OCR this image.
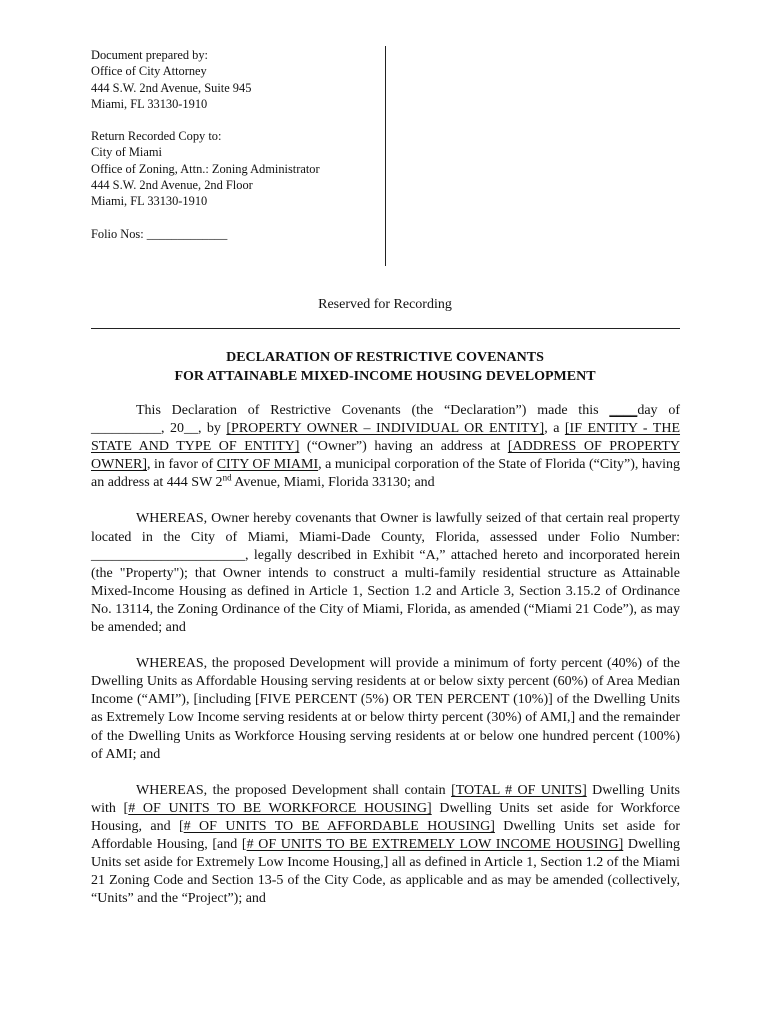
Document prepared by:
Office of City Attorney
444 S.W. 2nd Avenue, Suite 945
Miami, FL 33130-1910
Return Recorded Copy to:
City of Miami
Office of Zoning, Attn.: Zoning Administrator
444 S.W. 2nd Avenue, 2nd Floor
Miami, FL 33130-1910
Folio Nos: _____________
Reserved for Recording
DECLARATION OF RESTRICTIVE COVENANTS
FOR ATTAINABLE MIXED-INCOME HOUSING DEVELOPMENT
This Declaration of Restrictive Covenants (the “Declaration”) made this ____day of __________, 20__, by [PROPERTY OWNER – INDIVIDUAL OR ENTITY], a [IF ENTITY - THE STATE AND TYPE OF ENTITY] (“Owner”) having an address at [ADDRESS OF PROPERTY OWNER], in favor of CITY OF MIAMI, a municipal corporation of the State of Florida (“City”), having an address at 444 SW 2nd Avenue, Miami, Florida 33130; and
WHEREAS, Owner hereby covenants that Owner is lawfully seized of that certain real property located in the City of Miami, Miami-Dade County, Florida, assessed under Folio Number: ______________________, legally described in Exhibit “A,” attached hereto and incorporated herein (the "Property"); that Owner intends to construct a multi-family residential structure as Attainable Mixed-Income Housing as defined in Article 1, Section 1.2 and Article 3, Section 3.15.2 of Ordinance No. 13114, the Zoning Ordinance of the City of Miami, Florida, as amended (“Miami 21 Code”), as may be amended; and
WHEREAS, the proposed Development will provide a minimum of forty percent (40%) of the Dwelling Units as Affordable Housing serving residents at or below sixty percent (60%) of Area Median Income (“AMI”), [including [FIVE PERCENT (5%) OR TEN PERCENT (10%)] of the Dwelling Units as Extremely Low Income serving residents at or below thirty percent (30%) of AMI,] and the remainder of the Dwelling Units as Workforce Housing serving residents at or below one hundred percent (100%) of AMI; and
WHEREAS, the proposed Development shall contain [TOTAL # OF UNITS] Dwelling Units with [# OF UNITS TO BE WORKFORCE HOUSING] Dwelling Units set aside for Workforce Housing, and [# OF UNITS TO BE AFFORDABLE HOUSING] Dwelling Units set aside for Affordable Housing, [and [# OF UNITS TO BE EXTREMELY LOW INCOME HOUSING] Dwelling Units set aside for Extremely Low Income Housing,] all as defined in Article 1, Section 1.2 of the Miami 21 Zoning Code and Section 13-5 of the City Code, as applicable and as may be amended (collectively, “Units” and the “Project”); and
